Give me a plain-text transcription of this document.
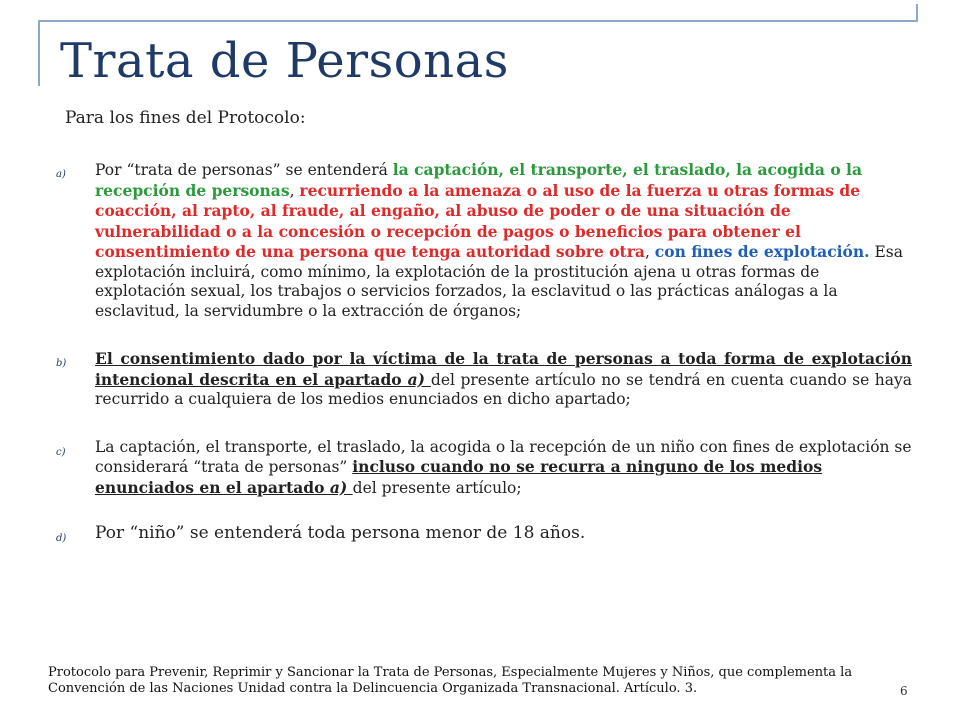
Trata de Personas

Para los fines del Protocolo:

a) Por “trata de personas” se entenderá la captación, el transporte, el traslado, la acogida o la recepción de personas, recurriendo a la amenaza o al uso de la fuerza u otras formas de coacción, al rapto, al fraude, al engaño, al abuso de poder o de una situación de vulnerabilidad o a la concesión o recepción de pagos o beneficios para obtener el consentimiento de una persona que tenga autoridad sobre otra, con fines de explotación. Esa explotación incluirá, como mínimo, la explotación de la prostitución ajena u otras formas de explotación sexual, los trabajos o servicios forzados, la esclavitud o las prácticas análogas a la esclavitud, la servidumbre o la extracción de órganos;
b) El consentimiento dado por la víctima de la trata de personas a toda forma de explotación intencional descrita en el apartado a) del presente artículo no se tendrá en cuenta cuando se haya recurrido a cualquiera de los medios enunciados en dicho apartado;
c) La captación, el transporte, el traslado, la acogida o la recepción de un niño con fines de explotación se considerará “trata de personas” incluso cuando no se recurra a ninguno de los medios enunciados en el apartado a) del presente artículo;
d) Por “niño” se entenderá toda persona menor de 18 años.
Protocolo para Prevenir, Reprimir y Sancionar la Trata de Personas, Especialmente Mujeres y Niños, que complementa la Convención de las Naciones Unidad contra la Delincuencia Organizada Transnacional. Artículo. 3.	6
